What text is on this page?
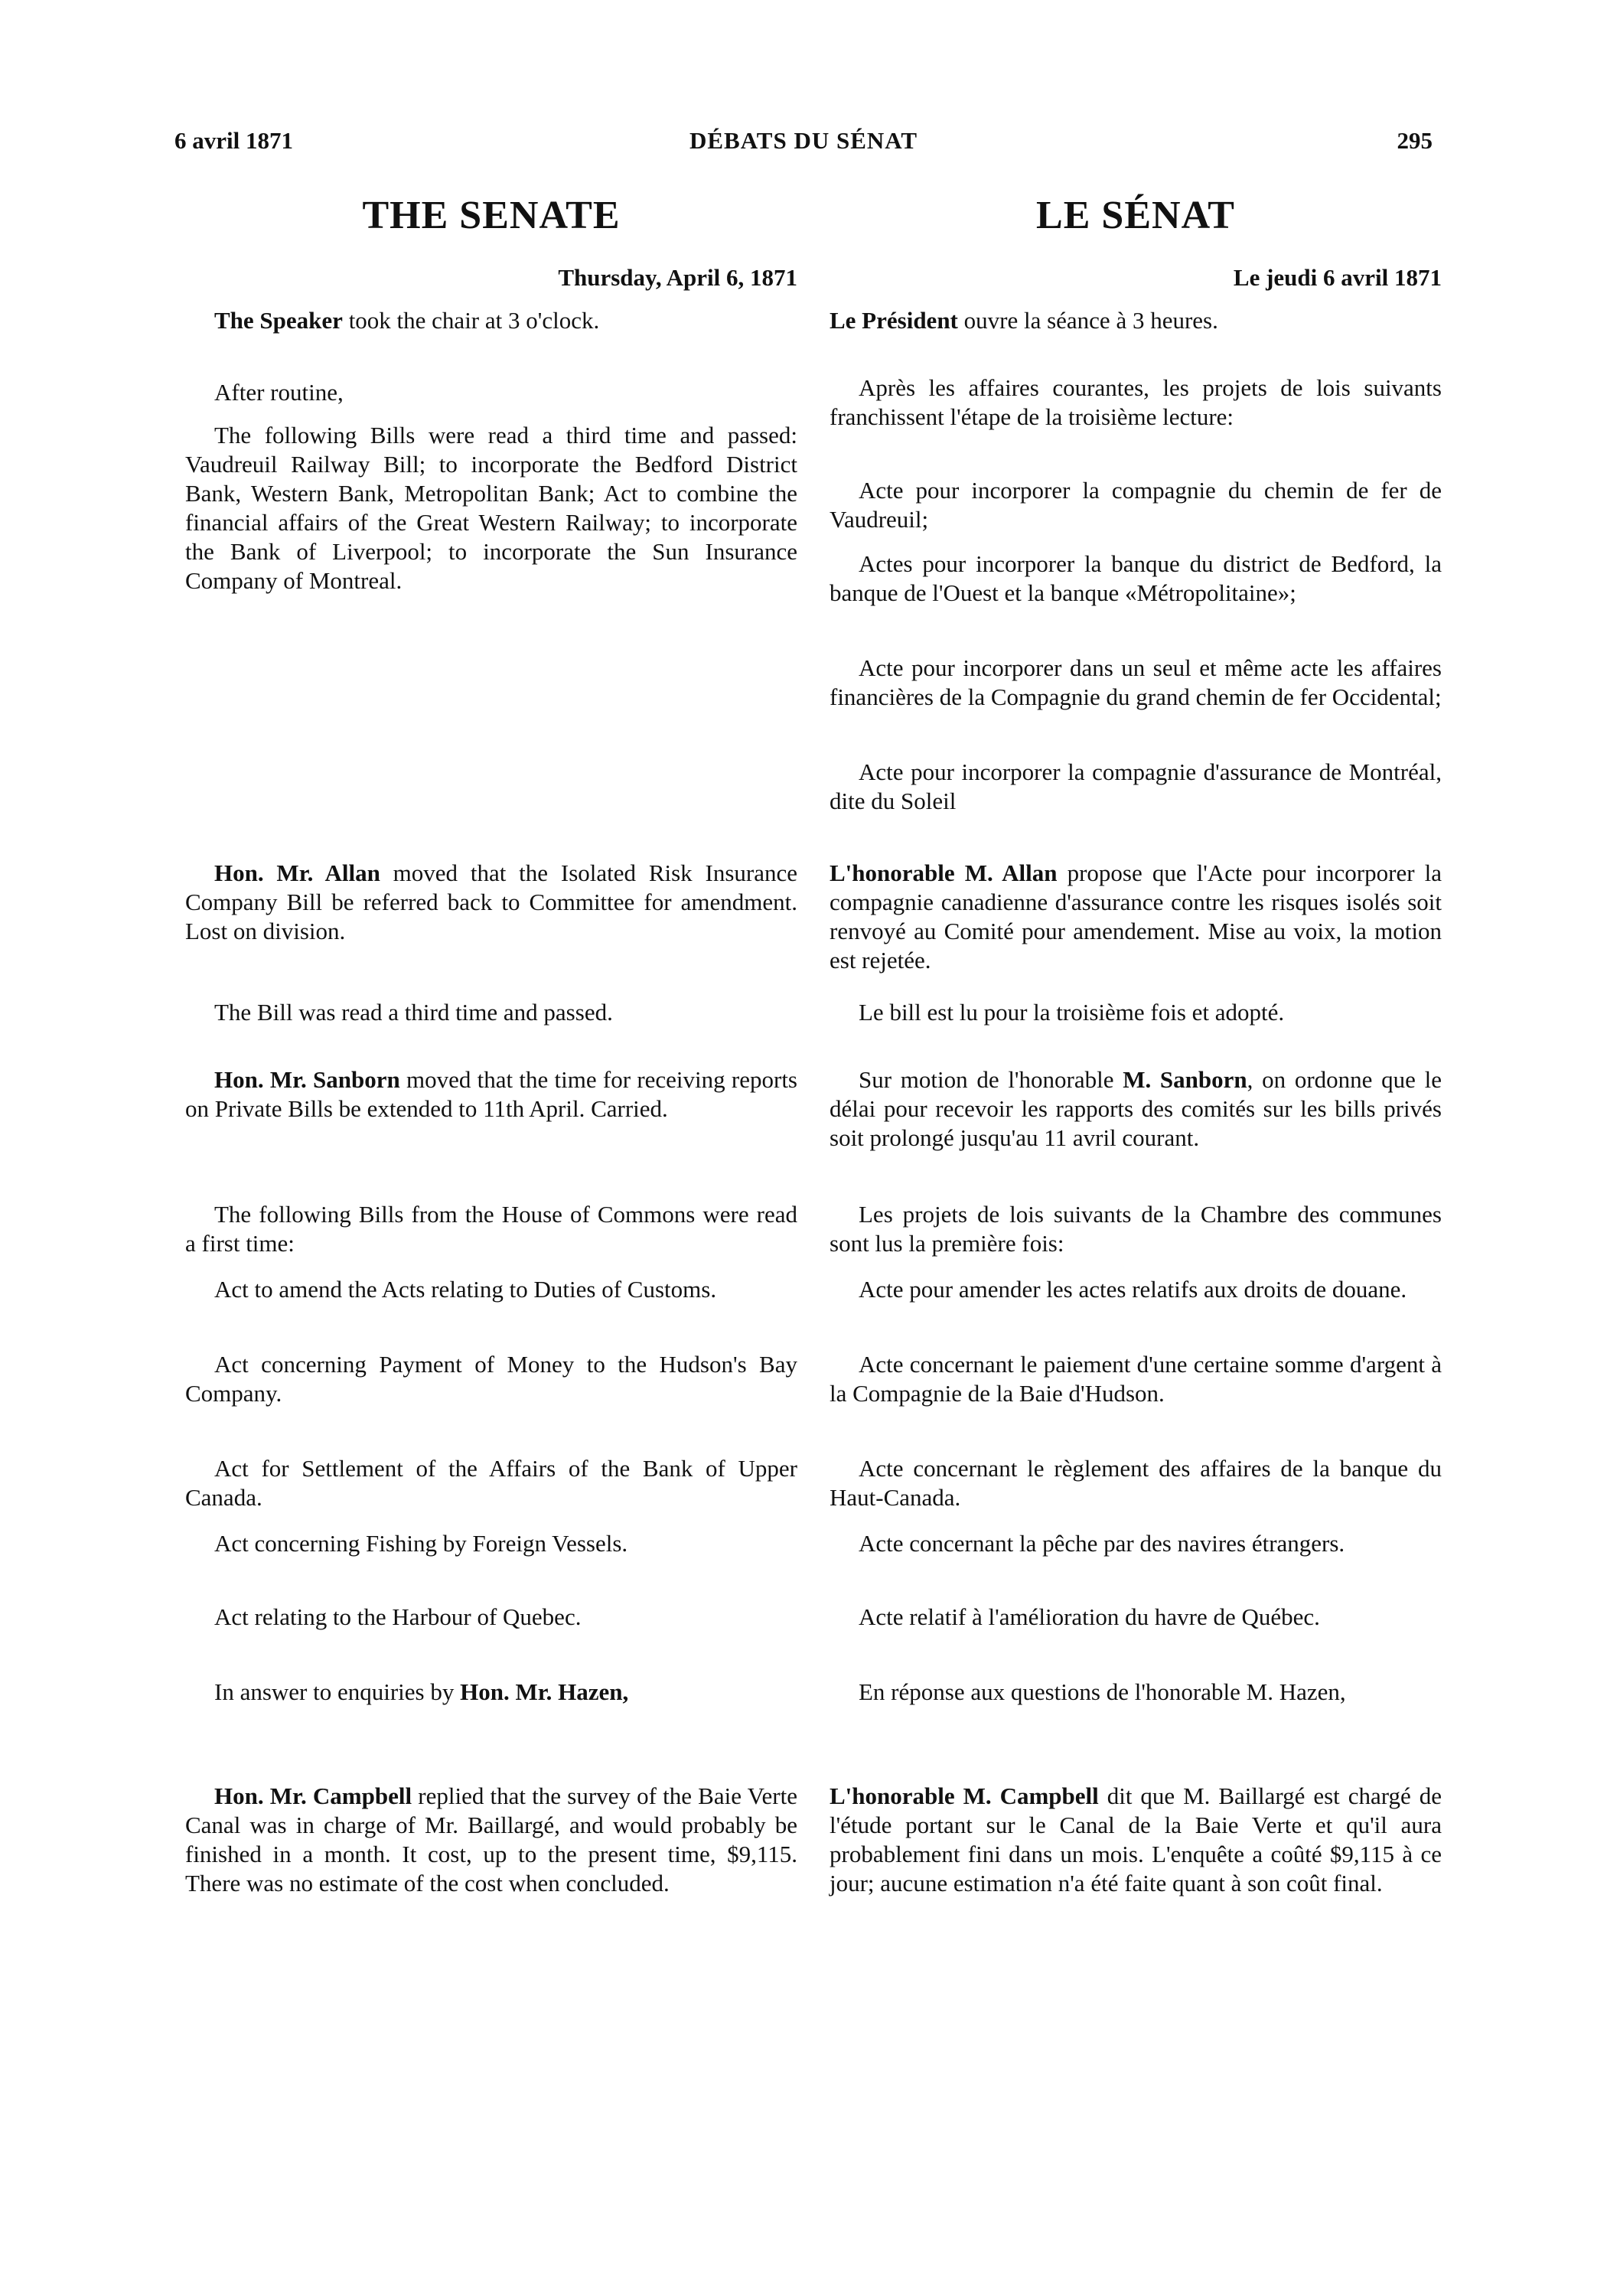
6 avril 1871	DÉBATS DU SÉNAT	295
THE SENATE
Thursday, April 6, 1871

The Speaker took the chair at 3 o'clock.

After routine,

The following Bills were read a third time and passed: Vaudreuil Railway Bill; to incorporate the Bedford District Bank, Western Bank, Metropolitan Bank; Act to combine the financial affairs of the Great Western Railway; to incorporate the Bank of Liverpool; to incorporate the Sun Insurance Company of Montreal.

Hon. Mr. Allan moved that the Isolated Risk Insurance Company Bill be referred back to Committee for amendment. Lost on division.

The Bill was read a third time and passed.

Hon. Mr. Sanborn moved that the time for receiving reports on Private Bills be extended to 11th April. Carried.

The following Bills from the House of Commons were read a first time:

Act to amend the Acts relating to Duties of Customs.

Act concerning Payment of Money to the Hudson's Bay Company.

Act for Settlement of the Affairs of the Bank of Upper Canada.

Act concerning Fishing by Foreign Vessels.

Act relating to the Harbour of Quebec.

In answer to enquiries by Hon. Mr. Hazen,

Hon. Mr. Campbell replied that the survey of the Baie Verte Canal was in charge of Mr. Baillargé, and would probably be finished in a month. It cost, up to the present time, $9,115. There was no estimate of the cost when concluded.

LE SÉNAT
Le jeudi 6 avril 1871

Le Président ouvre la séance à 3 heures.

Après les affaires courantes, les projets de lois suivants franchissent l'étape de la troisième lecture:

Acte pour incorporer la compagnie du chemin de fer de Vaudreuil;

Actes pour incorporer la banque du district de Bedford, la banque de l'Ouest et la banque «Métropolitaine»;

Acte pour incorporer dans un seul et même acte les affaires financières de la Compagnie du grand chemin de fer Occidental;

Acte pour incorporer la compagnie d'assurance de Montréal, dite du Soleil

L'honorable M. Allan propose que l'Acte pour incorporer la compagnie canadienne d'assurance contre les risques isolés soit renvoyé au Comité pour amendement. Mise au voix, la motion est rejetée.

Le bill est lu pour la troisième fois et adopté.

Sur motion de l'honorable M. Sanborn, on ordonne que le délai pour recevoir les rapports des comités sur les bills privés soit prolongé jusqu'au 11 avril courant.

Les projets de lois suivants de la Chambre des communes sont lus la première fois:

Acte pour amender les actes relatifs aux droits de douane.

Acte concernant le paiement d'une certaine somme d'argent à la Compagnie de la Baie d'Hudson.

Acte concernant le règlement des affaires de la banque du Haut-Canada.

Acte concernant la pêche par des navires étrangers.

Acte relatif à l'amélioration du havre de Québec.

En réponse aux questions de l'honorable M. Hazen,

L'honorable M. Campbell dit que M. Baillargé est chargé de l'étude portant sur le Canal de la Baie Verte et qu'il aura probablement fini dans un mois. L'enquête a coûté $9,115 à ce jour; aucune estimation n'a été faite quant à son coût final.
